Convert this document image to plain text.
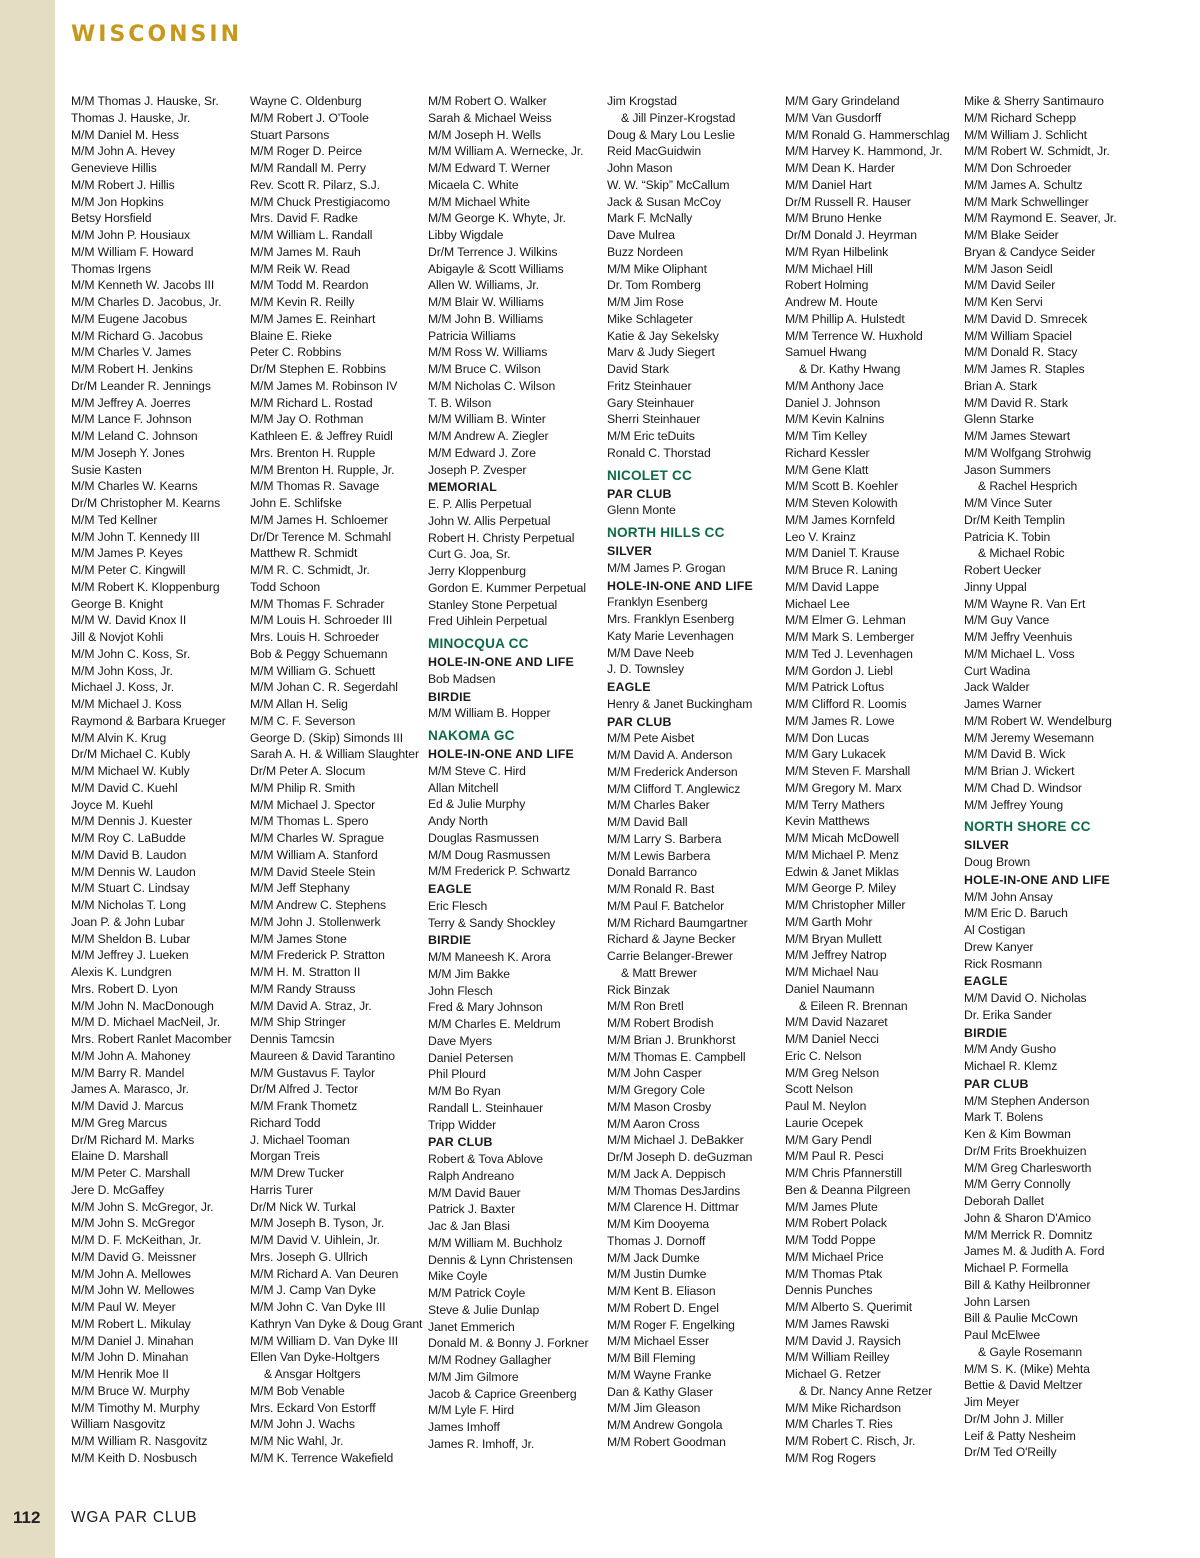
WISCONSIN
M/M Thomas J. Hauske, Sr.
Thomas J. Hauske, Jr.
M/M Daniel M. Hess
M/M John A. Hevey
Genevieve Hillis
M/M Robert J. Hillis
M/M Jon Hopkins
Betsy Horsfield
M/M John P. Housiaux
M/M William F. Howard
Thomas Irgens
M/M Kenneth W. Jacobs III
M/M Charles D. Jacobus, Jr.
M/M Eugene Jacobus
M/M Richard G. Jacobus
M/M Charles V. James
M/M Robert H. Jenkins
Dr/M Leander R. Jennings
M/M Jeffrey A. Joerres
M/M Lance F. Johnson
M/M Leland C. Johnson
M/M Joseph Y. Jones
Susie Kasten
M/M Charles W. Kearns
Dr/M Christopher M. Kearns
M/M Ted Kellner
M/M John T. Kennedy III
M/M James P. Keyes
M/M Peter C. Kingwill
M/M Robert K. Kloppenburg
George B. Knight
M/M W. David Knox II
Jill & Novjot Kohli
M/M John C. Koss, Sr.
M/M John Koss, Jr.
Michael J. Koss, Jr.
M/M Michael J. Koss
Raymond & Barbara Krueger
M/M Alvin K. Krug
Dr/M Michael C. Kubly
M/M Michael W. Kubly
M/M David C. Kuehl
Joyce M. Kuehl
M/M Dennis J. Kuester
M/M Roy C. LaBudde
M/M David B. Laudon
M/M Dennis W. Laudon
M/M Stuart C. Lindsay
M/M Nicholas T. Long
Joan P. & John Lubar
M/M Sheldon B. Lubar
M/M Jeffrey J. Lueken
Alexis K. Lundgren
Mrs. Robert D. Lyon
M/M John N. MacDonough
M/M D. Michael MacNeil, Jr.
Mrs. Robert Ranlet Macomber
M/M John A. Mahoney
M/M Barry R. Mandel
James A. Marasco, Jr.
M/M David J. Marcus
M/M Greg Marcus
Dr/M Richard M. Marks
Elaine D. Marshall
M/M Peter C. Marshall
Jere D. McGaffey
M/M John S. McGregor, Jr.
M/M John S. McGregor
M/M D. F. McKeithan, Jr.
M/M David G. Meissner
M/M John A. Mellowes
M/M John W. Mellowes
M/M Paul W. Meyer
M/M Robert L. Mikulay
M/M Daniel J. Minahan
M/M John D. Minahan
M/M Henrik Moe II
M/M Bruce W. Murphy
M/M Timothy M. Murphy
William Nasgovitz
M/M William R. Nasgovitz
M/M Keith D. Nosbusch
Wayne C. Oldenburg
M/M Robert J. O'Toole
Stuart Parsons
M/M Roger D. Peirce
M/M Randall M. Perry
Rev. Scott R. Pilarz, S.J.
M/M Chuck Prestigiacomo
Mrs. David F. Radke
M/M William L. Randall
M/M James M. Rauh
M/M Reik W. Read
M/M Todd M. Reardon
M/M Kevin R. Reilly
M/M James E. Reinhart
Blaine E. Rieke
Peter C. Robbins
Dr/M Stephen E. Robbins
M/M James M. Robinson IV
M/M Richard L. Rostad
M/M Jay O. Rothman
Kathleen E. & Jeffrey Ruidl
Mrs. Brenton H. Rupple
M/M Brenton H. Rupple, Jr.
M/M Thomas R. Savage
John E. Schlifske
M/M James H. Schloemer
Dr/Dr Terence M. Schmahl
Matthew R. Schmidt
M/M R. C. Schmidt, Jr.
Todd Schoon
M/M Thomas F. Schrader
M/M Louis H. Schroeder III
Mrs. Louis H. Schroeder
Bob & Peggy Schuemann
M/M William G. Schuett
M/M Johan C. R. Segerdahl
M/M Allan H. Selig
M/M C. F. Severson
George D. (Skip) Simonds III
Sarah A. H. & William Slaughter
Dr/M Peter A. Slocum
M/M Philip R. Smith
M/M Michael J. Spector
M/M Thomas L. Spero
M/M Charles W. Sprague
M/M William A. Stanford
M/M David Steele Stein
M/M Jeff Stephany
M/M Andrew C. Stephens
M/M John J. Stollenwerk
M/M James Stone
M/M Frederick P. Stratton
M/M H. M. Stratton II
M/M Randy Strauss
M/M David A. Straz, Jr.
M/M Ship Stringer
Dennis Tamcsin
Maureen & David Tarantino
M/M Gustavus F. Taylor
Dr/M Alfred J. Tector
M/M Frank Thometz
Richard Todd
J. Michael Tooman
Morgan Treis
M/M Drew Tucker
Harris Turer
Dr/M Nick W. Turkal
M/M Joseph B. Tyson, Jr.
M/M David V. Uihlein, Jr.
Mrs. Joseph G. Ullrich
M/M Richard A. Van Deuren
M/M J. Camp Van Dyke
M/M John C. Van Dyke III
Kathryn Van Dyke & Doug Grant
M/M William D. Van Dyke III
Ellen Van Dyke-Holtgers
& Ansgar Holtgers
M/M Bob Venable
Mrs. Eckard Von Estorff
M/M John J. Wachs
M/M Nic Wahl, Jr.
M/M K. Terrence Wakefield
M/M Robert O. Walker
Sarah & Michael Weiss
M/M Joseph H. Wells
M/M William A. Wernecke, Jr.
M/M Edward T. Werner
Micaela C. White
M/M Michael White
M/M George K. Whyte, Jr.
Libby Wigdale
Dr/M Terrence J. Wilkins
Abigayle & Scott Williams
Allen W. Williams, Jr.
M/M Blair W. Williams
M/M John B. Williams
Patricia Williams
M/M Ross W. Williams
M/M Bruce C. Wilson
M/M Nicholas C. Wilson
T. B. Wilson
M/M William B. Winter
M/M Andrew A. Ziegler
M/M Edward J. Zore
Joseph P. Zvesper
MEMORIAL
E. P. Allis Perpetual
John W. Allis Perpetual
Robert H. Christy Perpetual
Curt G. Joa, Sr.
Jerry Kloppenburg
Gordon E. Kummer Perpetual
Stanley Stone Perpetual
Fred Uihlein Perpetual
MINOCQUA CC
HOLE-IN-ONE AND LIFE
Bob Madsen
BIRDIE
M/M William B. Hopper
NAKOMA GC
HOLE-IN-ONE AND LIFE
M/M Steve C. Hird
Allan Mitchell
Ed & Julie Murphy
Andy North
Douglas Rasmussen
M/M Doug Rasmussen
M/M Frederick P. Schwartz
EAGLE
Eric Flesch
Terry & Sandy Shockley
BIRDIE
M/M Maneesh K. Arora
M/M Jim Bakke
John Flesch
Fred & Mary Johnson
M/M Charles E. Meldrum
Dave Myers
Daniel Petersen
Phil Plourd
M/M Bo Ryan
Randall L. Steinhauer
Tripp Widder
PAR CLUB
Robert & Tova Ablove
Ralph Andreano
M/M David Bauer
Patrick J. Baxter
Jac & Jan Blasi
M/M William M. Buchholz
Dennis & Lynn Christensen
Mike Coyle
M/M Patrick Coyle
Steve & Julie Dunlap
Janet Emmerich
Donald M. & Bonny J. Forkner
M/M Rodney Gallagher
M/M Jim Gilmore
Jacob & Caprice Greenberg
M/M Lyle F. Hird
James Imhoff
James R. Imhoff, Jr.
Jim Krogstad
& Jill Pinzer-Krogstad
Doug & Mary Lou Leslie
Reid MacGuidwin
John Mason
W. W. “Skip” McCallum
Jack & Susan McCoy
Mark F. McNally
Dave Mulrea
Buzz Nordeen
M/M Mike Oliphant
Dr. Tom Romberg
M/M Jim Rose
Mike Schlageter
Katie & Jay Sekelsky
Marv & Judy Siegert
David Stark
Fritz Steinhauer
Gary Steinhauer
Sherri Steinhauer
M/M Eric teDuits
Ronald C. Thorstad
NICOLET CC
PAR CLUB
Glenn Monte
NORTH HILLS CC
SILVER
M/M James P. Grogan
HOLE-IN-ONE AND LIFE
Franklyn Esenberg
Mrs. Franklyn Esenberg
Katy Marie Levenhagen
M/M Dave Neeb
J. D. Townsley
EAGLE
Henry & Janet Buckingham
PAR CLUB
M/M Pete Aisbet
M/M David A. Anderson
M/M Frederick Anderson
M/M Clifford T. Anglewicz
M/M Charles Baker
M/M David Ball
M/M Larry S. Barbera
M/M Lewis Barbera
Donald Barranco
M/M Ronald R. Bast
M/M Paul F. Batchelor
M/M Richard Baumgartner
Richard & Jayne Becker
Carrie Belanger-Brewer
& Matt Brewer
Rick Binzak
M/M Ron Bretl
M/M Robert Brodish
M/M Brian J. Brunkhorst
M/M Thomas E. Campbell
M/M John Casper
M/M Gregory Cole
M/M Mason Crosby
M/M Aaron Cross
M/M Michael J. DeBakker
Dr/M Joseph D. deGuzman
M/M Jack A. Deppisch
M/M Thomas DesJardins
M/M Clarence H. Dittmar
M/M Kim Dooyema
Thomas J. Dornoff
M/M Jack Dumke
M/M Justin Dumke
M/M Kent B. Eliason
M/M Robert D. Engel
M/M Roger F. Engelking
M/M Michael Esser
M/M Bill Fleming
M/M Wayne Franke
Dan & Kathy Glaser
M/M Jim Gleason
M/M Andrew Gongola
M/M Robert Goodman
M/M Gary Grindeland
M/M Van Gusdorff
M/M Ronald G. Hammerschlag
M/M Harvey K. Hammond, Jr.
M/M Dean K. Harder
M/M Daniel Hart
Dr/M Russell R. Hauser
M/M Bruno Henke
Dr/M Donald J. Heyrman
M/M Ryan Hilbelink
M/M Michael Hill
Robert Holming
Andrew M. Houte
M/M Phillip A. Hulstedt
M/M Terrence W. Huxhold
Samuel Hwang
& Dr. Kathy Hwang
M/M Anthony Jace
Daniel J. Johnson
M/M Kevin Kalnins
M/M Tim Kelley
Richard Kessler
M/M Gene Klatt
M/M Scott B. Koehler
M/M Steven Kolowith
M/M James Kornfeld
Leo V. Krainz
M/M Daniel T. Krause
M/M Bruce R. Laning
M/M David Lappe
Michael Lee
M/M Elmer G. Lehman
M/M Mark S. Lemberger
M/M Ted J. Levenhagen
M/M Gordon J. Liebl
M/M Patrick Loftus
M/M Clifford R. Loomis
M/M James R. Lowe
M/M Don Lucas
M/M Gary Lukacek
M/M Steven F. Marshall
M/M Gregory M. Marx
M/M Terry Mathers
Kevin Matthews
M/M Micah McDowell
M/M Michael P. Menz
Edwin & Janet Miklas
M/M George P. Miley
M/M Christopher Miller
M/M Garth Mohr
M/M Bryan Mullett
M/M Jeffrey Natrop
M/M Michael Nau
Daniel Naumann
& Eileen R. Brennan
M/M David Nazaret
M/M Daniel Necci
Eric C. Nelson
M/M Greg Nelson
Scott Nelson
Paul M. Neylon
Laurie Ocepek
M/M Gary Pendl
M/M Paul R. Pesci
M/M Chris Pfannerstill
Ben & Deanna Pilgreen
M/M James Plute
M/M Robert Polack
M/M Todd Poppe
M/M Michael Price
M/M Thomas Ptak
Dennis Punches
M/M Alberto S. Querimit
M/M James Rawski
M/M David J. Raysich
M/M William Reilley
Michael G. Retzer
& Dr. Nancy Anne Retzer
M/M Mike Richardson
M/M Charles T. Ries
M/M Robert C. Risch, Jr.
M/M Rog Rogers
Mike & Sherry Santimauro
M/M Richard Schepp
M/M William J. Schlicht
M/M Robert W. Schmidt, Jr.
M/M Don Schroeder
M/M James A. Schultz
M/M Mark Schwellinger
M/M Raymond E. Seaver, Jr.
M/M Blake Seider
Bryan & Candyce Seider
M/M Jason Seidl
M/M David Seiler
M/M Ken Servi
M/M David D. Smrecek
M/M William Spaciel
M/M Donald R. Stacy
M/M James R. Staples
Brian A. Stark
M/M David R. Stark
Glenn Starke
M/M James Stewart
M/M Wolfgang Strohwig
Jason Summers
& Rachel Hesprich
M/M Vince Suter
Dr/M Keith Templin
Patricia K. Tobin
& Michael Robic
Robert Uecker
Jinny Uppal
M/M Wayne R. Van Ert
M/M Guy Vance
M/M Jeffry Veenhuis
M/M Michael L. Voss
Curt Wadina
Jack Walder
James Warner
M/M Robert W. Wendelburg
M/M Jeremy Wesemann
M/M David B. Wick
M/M Brian J. Wickert
M/M Chad D. Windsor
M/M Jeffrey Young
NORTH SHORE CC
SILVER
Doug Brown
HOLE-IN-ONE AND LIFE
M/M John Ansay
M/M Eric D. Baruch
Al Costigan
Drew Kanyer
Rick Rosmann
EAGLE
M/M David O. Nicholas
Dr. Erika Sander
BIRDIE
M/M Andy Gusho
Michael R. Klemz
PAR CLUB
M/M Stephen Anderson
Mark T. Bolens
Ken & Kim Bowman
Dr/M Frits Broekhuizen
M/M Greg Charlesworth
M/M Gerry Connolly
Deborah Dallet
John & Sharon D'Amico
M/M Merrick R. Domnitz
James M. & Judith A. Ford
Michael P. Formella
Bill & Kathy Heilbronner
John Larsen
Bill & Paulie McCown
Paul McElwee
& Gayle Rosemann
M/M S. K. (Mike) Mehta
Bettie & David Meltzer
Jim Meyer
Dr/M John J. Miller
Leif & Patty Nesheim
Dr/M Ted O'Reilly
112 WGA PAR CLUB
